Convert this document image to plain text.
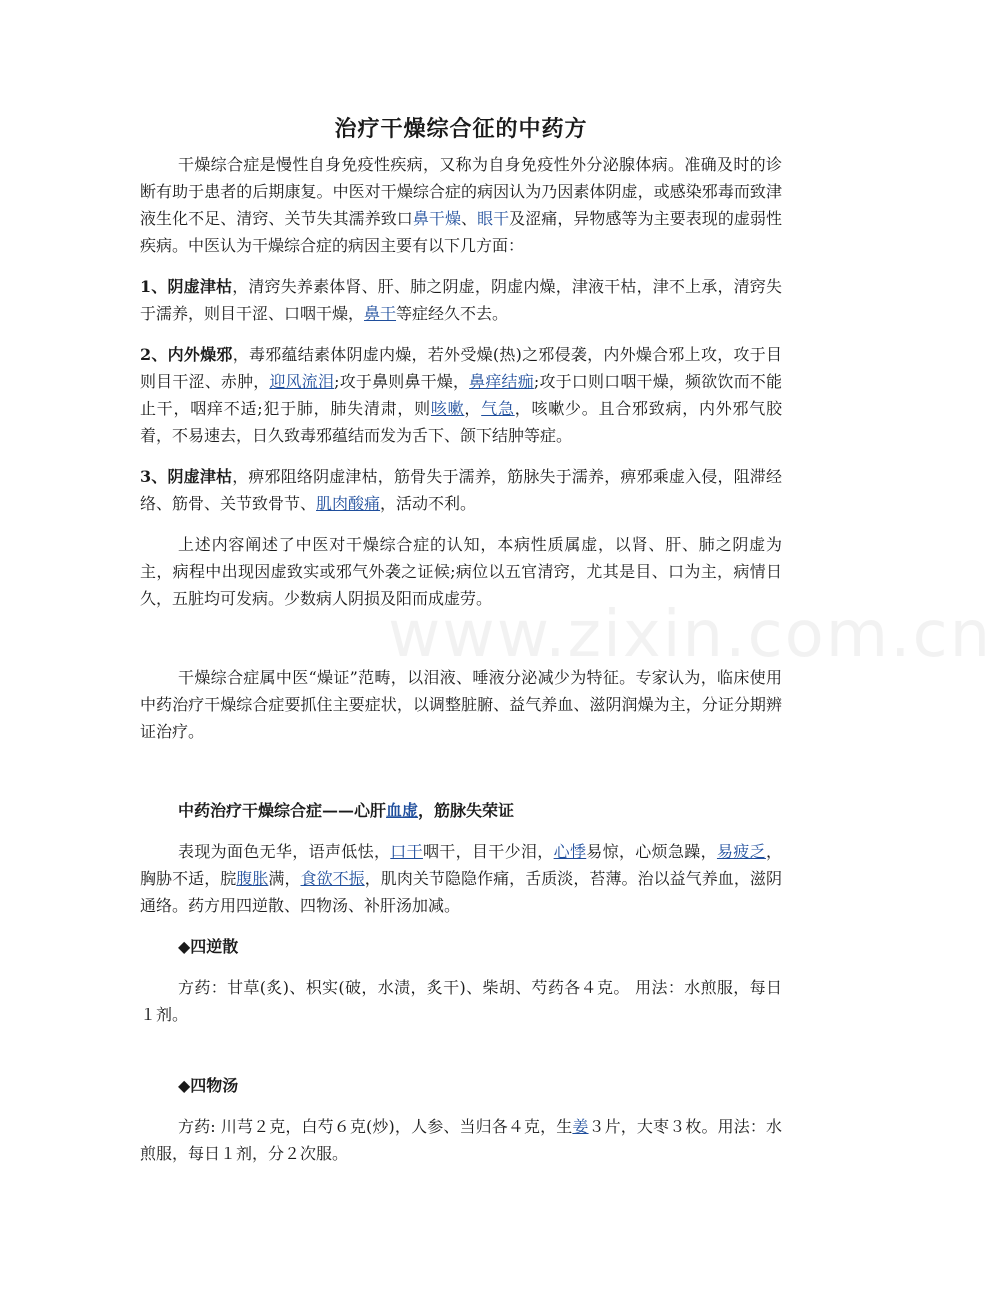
www.zixin.com.cn
治疗干燥综合征的中药方

干燥综合症是慢性自身免疫性疾病，又称为自身免疫性外分泌腺体病。准确及时的诊断有助于患者的后期康复。中医对干燥综合症的病因认为乃因素体阴虚，或感染邪毒而致津液生化不足、清窍、关节失其濡养致口鼻干燥、眼干及涩痛，异物感等为主要表现的虚弱性疾病。中医认为干燥综合症的病因主要有以下几方面：

1、阴虚津枯，清窍失养素体肾、肝、肺之阴虚，阴虚内燥，津液干枯，津不上承，清窍失于濡养，则目干涩、口咽干燥，鼻干等症经久不去。

2、内外燥邪，毒邪蕴结素体阴虚内燥，若外受燥(热)之邪侵袭，内外燥合邪上攻，攻于目则目干涩、赤肿，迎风流泪;攻于鼻则鼻干燥，鼻痒结痂;攻于口则口咽干燥，频欲饮而不能止干，咽痒不适;犯于肺，肺失清肃，则咳嗽，气急，咳嗽少。且合邪致病，内外邪气胶着，不易速去，日久致毒邪蕴结而发为舌下、颌下结肿等症。

3、阴虚津枯，痹邪阻络阴虚津枯，筋骨失于濡养，筋脉失于濡养，痹邪乘虚入侵，阻滞经络、筋骨、关节致骨节、肌肉酸痛，活动不利。

上述内容阐述了中医对干燥综合症的认知，本病性质属虚，以肾、肝、肺之阴虚为主，病程中出现因虚致实或邪气外袭之证候;病位以五官清窍，尤其是目、口为主，病情日久，五脏均可发病。少数病人阴损及阳而成虚劳。

干燥综合症属中医“燥证”范畴，以泪液、唾液分泌减少为特征。专家认为，临床使用中药治疗干燥综合症要抓住主要症状，以调整脏腑、益气养血、滋阴润燥为主，分证分期辨证治疗。

中药治疗干燥综合症——心肝血虚，筋脉失荣证

表现为面色无华，语声低怯，口干咽干，目干少泪，心悸易惊，心烦急躁，易疲乏，胸胁不适，脘腹胀满，食欲不振，肌肉关节隐隐作痛，舌质淡，苔薄。治以益气养血，滋阴通络。药方用四逆散、四物汤、补肝汤加减。

◆四逆散

方药：甘草(炙)、枳实(破，水渍，炙干)、柴胡、芍药各４克。 用法：水煎服，每日１剂。

◆四物汤

方药: 川芎２克，白芍６克(炒)，人参、当归各４克，生姜３片，大枣３枚。用法：水煎服，每日１剂，分２次服。
